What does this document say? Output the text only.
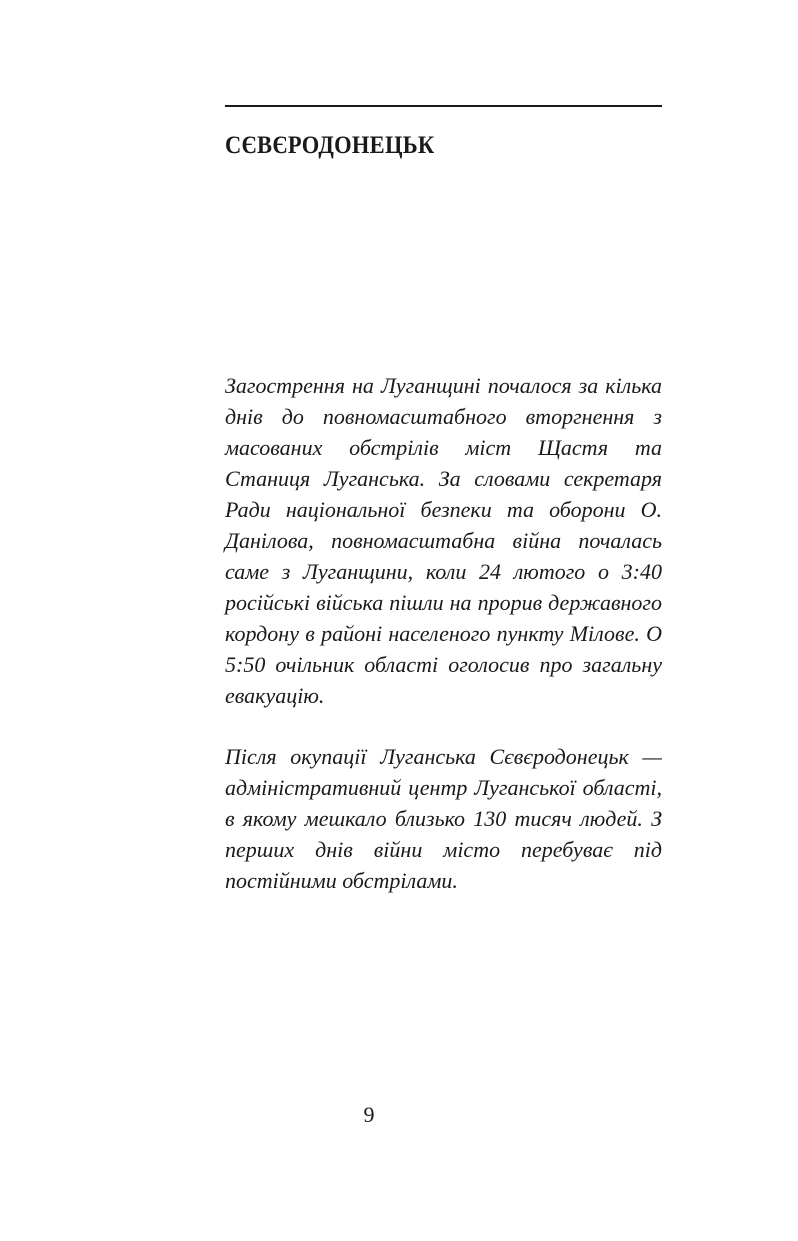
СЄВЄРОДОНЕЦЬК

Загострення на Луганщині почалося за кілька днів до повномасштабного вторгнення з масованих обстрілів міст Щастя та Станиця Луганська. За словами секретаря Ради національної безпеки та оборони О. Данілова, повномасштабна війна почалась саме з Луганщини, коли 24 лютого о 3:40 російські війська пішли на прорив державного кордону в районі населеного пункту Мілове. О 5:50 очільник області оголосив про загальну евакуацію.

Після окупації Луганська Сєвєродонецьк — адміністративний центр Луганської області, в якому мешкало близько 130 тисяч людей. З перших днів війни місто перебуває під постійними обстрілами.

9
